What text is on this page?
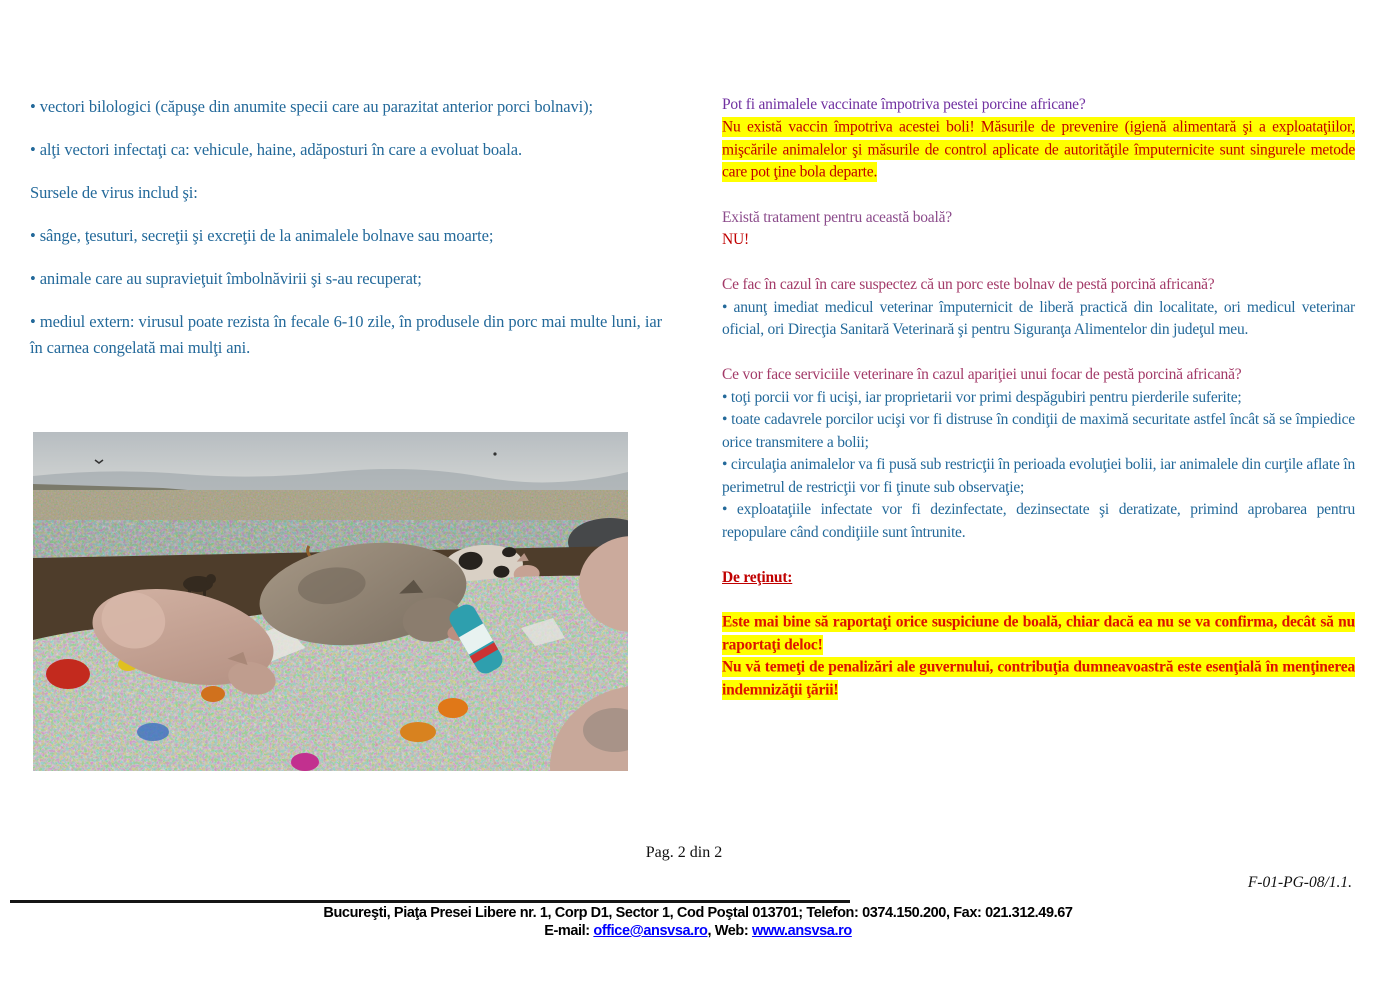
• vectori bilologici (căpuşe din anumite specii care au parazitat anterior porci bolnavi);

• alţi vectori infectaţi ca: vehicule, haine, adăposturi în care a evoluat boala.

Sursele de virus includ şi:

• sânge, ţesuturi, secreţii şi excreţii de la animalele bolnave sau moarte;

• animale care au supravieţuit îmbolnăvirii şi s-au recuperat;

• mediul extern: virusul poate rezista în fecale 6-10 zile, în produsele din porc mai multe luni, iar în carnea congelată mai mulţi ani.

Pot fi animalele vaccinate împotriva pestei porcine africane?

Nu există vaccin împotriva acestei boli! Măsurile de prevenire (igienă alimentară şi a exploataţiilor, mişcările animalelor şi măsurile de control aplicate de autorităţile împuternicite sunt singurele metode care pot ţine bola departe.

Există tratament pentru această boală?

NU!

Ce fac în cazul în care suspectez că un porc este bolnav de pestă porcină africană?

• anunţ imediat medicul veterinar împuternicit de liberă practică din localitate, ori medicul veterinar oficial, ori Direcţia Sanitară Veterinară şi pentru Siguranţa Alimentelor din judeţul meu.

Ce vor face serviciile veterinare în cazul apariţiei unui focar de pestă porcină africană?

• toţi porcii vor fi ucişi, iar proprietarii vor primi despăgubiri pentru pierderile suferite;

• toate cadavrele porcilor ucişi vor fi distruse în condiţii de maximă securitate astfel încât să se împiedice orice transmitere a bolii;

• circulaţia animalelor va fi pusă sub restricţii în perioada evoluţiei bolii, iar animalele din curţile aflate în perimetrul de restricţii vor fi ţinute sub observaţie;

• exploataţiile infectate vor fi dezinfectate, dezinsectate şi deratizate, primind aprobarea pentru repopulare când condiţiile sunt întrunite.

De reţinut:

Este mai bine să raportaţi orice suspiciune de boală, chiar dacă ea nu se va confirma, decât să nu raportaţi deloc!

Nu vă temeţi de penalizări ale guvernului, contribuţia dumneavoastră este esenţială în menţinerea indemnizăţii ţării!

Pag. 2 din 2
F-01-PG-08/1.1.
Bucureşti, Piaţa Presei Libere nr. 1, Corp D1, Sector 1, Cod Poştal 013701; Telefon: 0374.150.200, Fax: 021.312.49.67
E-mail: office@ansvsa.ro, Web: www.ansvsa.ro
